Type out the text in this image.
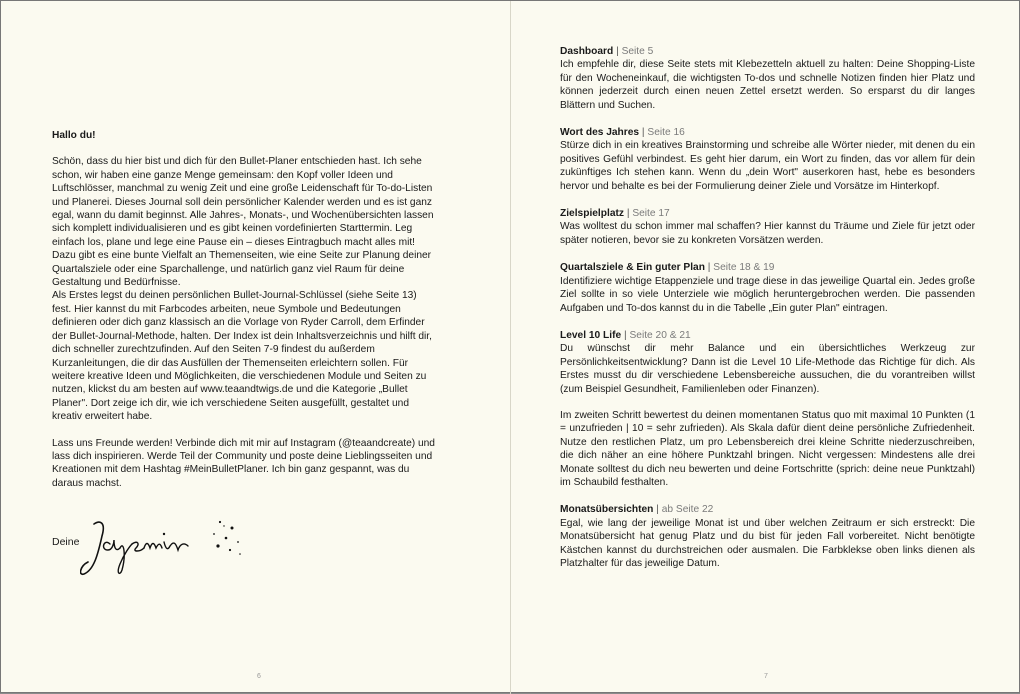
Hallo du!

Schön, dass du hier bist und dich für den Bullet-Planer entschieden hast. Ich sehe schon, wir haben eine ganze Menge gemeinsam: den Kopf voller Ideen und Luftschlösser, manchmal zu wenig Zeit und eine große Leidenschaft für To-do-Listen und Planerei. Dieses Journal soll dein persönlicher Kalender werden und es ist ganz egal, wann du damit beginnst. Alle Jahres-, Monats-, und Wochenübersichten lassen sich komplett individualisieren und es gibt keinen vordefinierten Starttermin. Leg einfach los, plane und lege eine Pause ein – dieses Eintragbuch macht alles mit! Dazu gibt es eine bunte Vielfalt an Themenseiten, wie eine Seite zur Planung deiner Quartalsziele oder eine Sparchallenge, und natürlich ganz viel Raum für deine Gestaltung und Bedürfnisse.

Als Erstes legst du deinen persönlichen Bullet-Journal-Schlüssel (siehe Seite 13) fest. Hier kannst du mit Farbcodes arbeiten, neue Symbole und Bedeutungen definieren oder dich ganz klassisch an die Vorlage von Ryder Carroll, dem Erfinder der Bullet-Journal-Methode, halten. Der Index ist dein Inhaltsverzeichnis und hilft dir, dich schneller zurechtzufinden. Auf den Seiten 7-9 findest du außerdem Kurzanleitungen, die dir das Ausfüllen der Themenseiten erleichtern sollen. Für weitere kreative Ideen und Möglichkeiten, die verschiedenen Module und Seiten zu nutzen, klickst du am besten auf www.teaandtwigs.de und die Kategorie „Bullet Planer". Dort zeige ich dir, wie ich verschiedene Seiten ausgefüllt, gestaltet und kreativ erweitert habe.

Lass uns Freunde werden! Verbinde dich mit mir auf Instagram (@teaandcreate) und lass dich inspirieren. Werde Teil der Community und poste deine Lieblingsseiten und Kreationen mit dem Hashtag #MeinBulletPlaner. Ich bin ganz gespannt, was du daraus machst.

Deine
6
Dashboard | Seite 5

Ich empfehle dir, diese Seite stets mit Klebezetteln aktuell zu halten: Deine Shopping-Liste für den Wocheneinkauf, die wichtigsten To-dos und schnelle Notizen finden hier Platz und können jederzeit durch einen neuen Zettel ersetzt werden. So ersparst du dir langes Blättern und Suchen.

Wort des Jahres | Seite 16

Stürze dich in ein kreatives Brainstorming und schreibe alle Wörter nieder, mit denen du ein positives Gefühl verbindest. Es geht hier darum, ein Wort zu finden, das vor allem für dein zukünftiges Ich stehen kann. Wenn du „dein Wort" auserkoren hast, hebe es besonders hervor und behalte es bei der Formulierung deiner Ziele und Vorsätze im Hinterkopf.

Zielspielplatz | Seite 17

Was wolltest du schon immer mal schaffen? Hier kannst du Träume und Ziele für jetzt oder später notieren, bevor sie zu konkreten Vorsätzen werden.

Quartalsziele & Ein guter Plan | Seite 18 & 19

Identifiziere wichtige Etappenziele und trage diese in das jeweilige Quartal ein. Jedes große Ziel sollte in so viele Unterziele wie möglich heruntergebrochen werden. Die passenden Aufgaben und To-dos kannst du in die Tabelle „Ein guter Plan" eintragen.

Level 10 Life | Seite 20 & 21

Du wünschst dir mehr Balance und ein übersichtliches Werkzeug zur Persönlichkeitsentwicklung? Dann ist die Level 10 Life-Methode das Richtige für dich. Als Erstes musst du dir verschiedene Lebensbereiche aussuchen, die du vorantreiben willst (zum Beispiel Gesundheit, Familienleben oder Finanzen).

Im zweiten Schritt bewertest du deinen momentanen Status quo mit maximal 10 Punkten (1 = unzufrieden | 10 = sehr zufrieden). Als Skala dafür dient deine persönliche Zufriedenheit. Nutze den restlichen Platz, um pro Lebensbereich drei kleine Schritte niederzuschreiben, die dich näher an eine höhere Punktzahl bringen. Nicht vergessen: Mindestens alle drei Monate solltest du dich neu bewerten und deine Fortschritte (sprich: deine neue Punktzahl) im Schaubild festhalten.

Monatsübersichten | ab Seite 22

Egal, wie lang der jeweilige Monat ist und über welchen Zeitraum er sich erstreckt: Die Monatsübersicht hat genug Platz und du bist für jeden Fall vorbereitet. Nicht benötigte Kästchen kannst du durchstreichen oder ausmalen. Die Farbklekse oben links dienen als Platzhalter für das jeweilige Datum.

7
